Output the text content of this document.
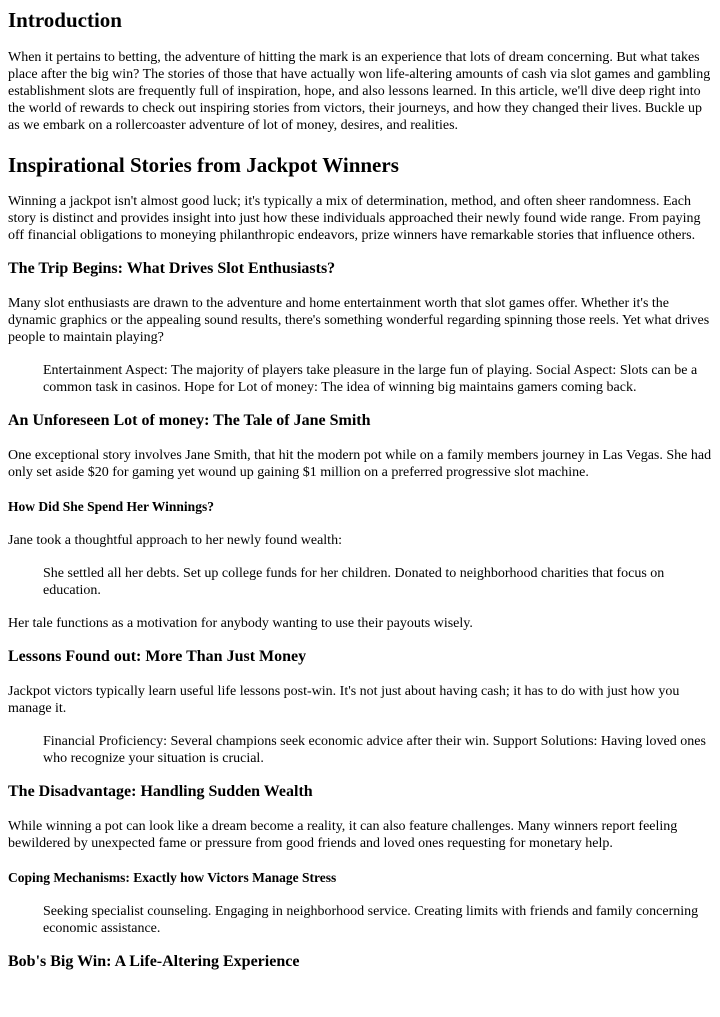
Introduction

When it pertains to betting, the adventure of hitting the mark is an experience that lots of dream concerning. But what takes place after the big win? The stories of those that have actually won life-altering amounts of cash via slot games and gambling establishment slots are frequently full of inspiration, hope, and also lessons learned. In this article, we'll dive deep right into the world of rewards to check out inspiring stories from victors, their journeys, and how they changed their lives. Buckle up as we embark on a rollercoaster adventure of lot of money, desires, and realities.

Inspirational Stories from Jackpot Winners

Winning a jackpot isn't almost good luck; it's typically a mix of determination, method, and often sheer randomness. Each story is distinct and provides insight into just how these individuals approached their newly found wide range. From paying off financial obligations to moneying philanthropic endeavors, prize winners have remarkable stories that influence others.

The Trip Begins: What Drives Slot Enthusiasts?

Many slot enthusiasts are drawn to the adventure and home entertainment worth that slot games offer. Whether it's the dynamic graphics or the appealing sound results, there's something wonderful regarding spinning those reels. Yet what drives people to maintain playing?

Entertainment Aspect: The majority of players take pleasure in the large fun of playing. Social Aspect: Slots can be a common task in casinos. Hope for Lot of money: The idea of winning big maintains gamers coming back.
An Unforeseen Lot of money: The Tale of Jane Smith

One exceptional story involves Jane Smith, that hit the modern pot while on a family members journey in Las Vegas. She had only set aside $20 for gaming yet wound up gaining $1 million on a preferred progressive slot machine.

How Did She Spend Her Winnings?

Jane took a thoughtful approach to her newly found wealth:

She settled all her debts. Set up college funds for her children. Donated to neighborhood charities that focus on education.

Her tale functions as a motivation for anybody wanting to use their payouts wisely.

Lessons Found out: More Than Just Money

Jackpot victors typically learn useful life lessons post-win. It's not just about having cash; it has to do with just how you manage it.

Financial Proficiency: Several champions seek economic advice after their win. Support Solutions: Having loved ones who recognize your situation is crucial.
The Disadvantage: Handling Sudden Wealth

While winning a pot can look like a dream become a reality, it can also feature challenges. Many winners report feeling bewildered by unexpected fame or pressure from good friends and loved ones requesting for monetary help.

Coping Mechanisms: Exactly how Victors Manage Stress
Seeking specialist counseling. Engaging in neighborhood service. Creating limits with friends and family concerning economic assistance.
Bob's Big Win: A Life-Altering Experience
